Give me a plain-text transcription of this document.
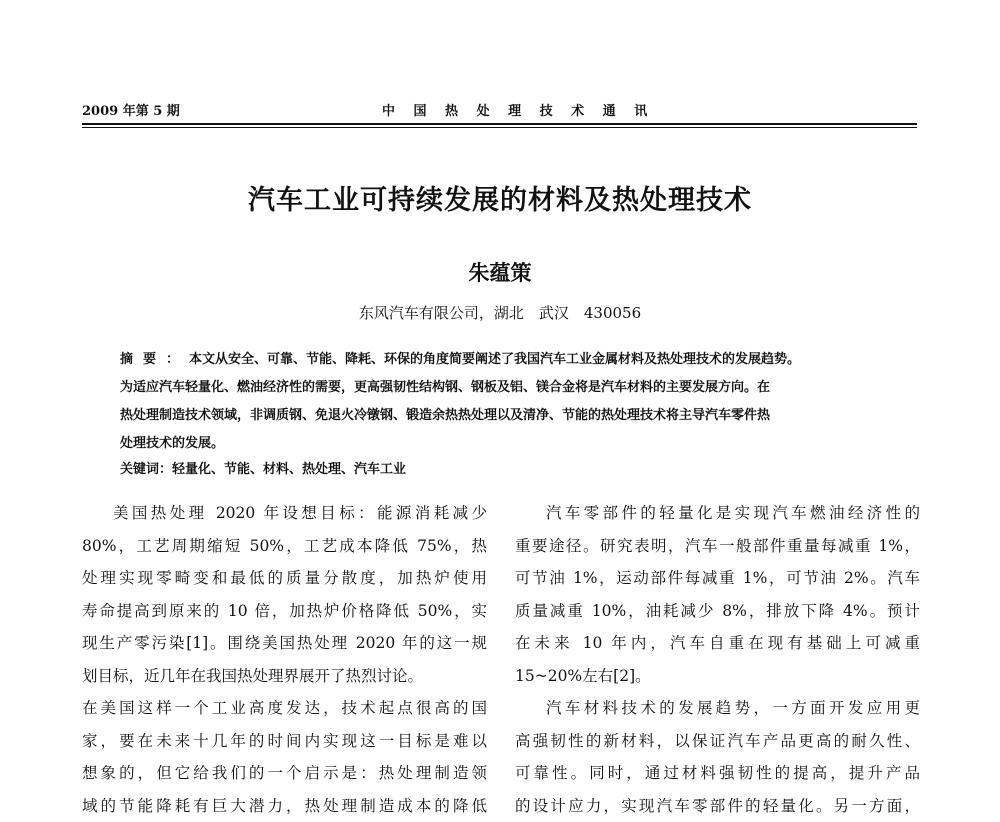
2009 年第 5 期	中 国 热 处 理 技 术 通 讯
汽车工业可持续发展的材料及热处理技术
朱蕴策
东风汽车有限公司，湖北　武汉　430056
摘要：本文从安全、可靠、节能、降耗、环保的角度简要阐述了我国汽车工业金属材料及热处理技术的发展趋势。
为适应汽车轻量化、燃油经济性的需要，更高强韧性结构钢、钢板及铝、镁合金将是汽车材料的主要发展方向。在
热处理制造技术领域，非调质钢、免退火冷镦钢、锻造余热热处理以及清净、节能的热处理技术将主导汽车零件热
处理技术的发展。
关键词：轻量化、节能、材料、热处理、汽车工业
美国热处理 2020 年设想目标：能源消耗减少
80%，工艺周期缩短 50%，工艺成本降低 75%，热
处理实现零畸变和最低的质量分散度，加热炉使用
寿命提高到原来的 10 倍，加热炉价格降低 50%，实
现生产零污染[1]。围绕美国热处理 2020 年的这一规
划目标，近几年在我国热处理界展开了热烈讨论。
在美国这样一个工业高度发达，技术起点很高的国
家，要在未来十几年的时间内实现这一目标是难以
想象的，但它给我们的一个启示是：热处理制造领
域的节能降耗有巨大潜力，热处理制造成本的降低
汽车零部件的轻量化是实现汽车燃油经济性的
重要途径。研究表明，汽车一般部件重量每减重 1%，
可节油 1%，运动部件每减重 1%，可节油 2%。汽车
质量减重 10%，油耗减少 8%，排放下降 4%。预计
在未来 10 年内，汽车自重在现有基础上可减重
15~20%左右[2]。
汽车材料技术的发展趋势，一方面开发应用更
高强韧性的新材料，以保证汽车产品更高的耐久性、
可靠性。同时，通过材料强韧性的提高，提升产品
的设计应力，实现汽车零部件的轻量化。另一方面，
